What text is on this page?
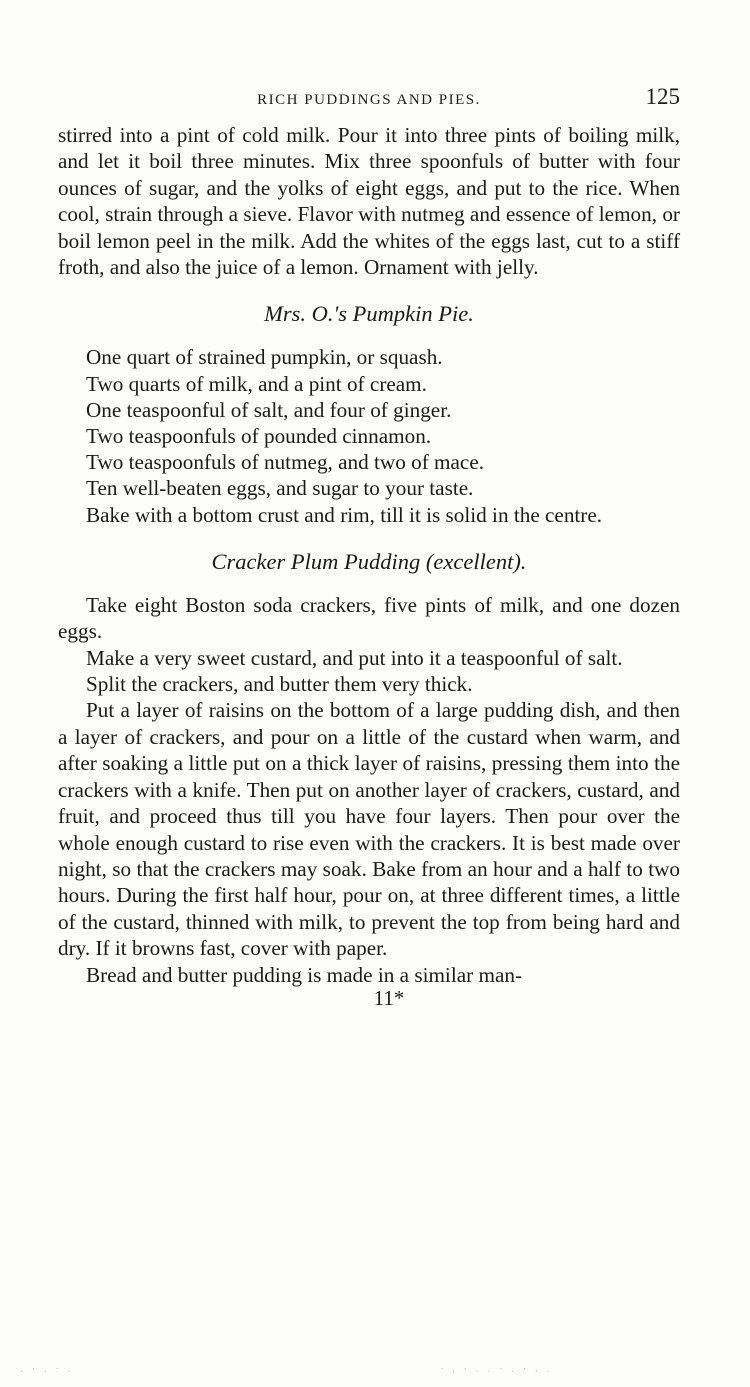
RICH PUDDINGS AND PIES.	125

stirred into a pint of cold milk. Pour it into three pints of boiling milk, and let it boil three minutes. Mix three spoonfuls of butter with four ounces of sugar, and the yolks of eight eggs, and put to the rice. When cool, strain through a sieve. Flavor with nutmeg and essence of lemon, or boil lemon peel in the milk. Add the whites of the eggs last, cut to a stiff froth, and also the juice of a lemon. Ornament with jelly.

Mrs. O.'s Pumpkin Pie.
One quart of strained pumpkin, or squash.
Two quarts of milk, and a pint of cream.
One teaspoonful of salt, and four of ginger.
Two teaspoonfuls of pounded cinnamon.
Two teaspoonfuls of nutmeg, and two of mace.
Ten well-beaten eggs, and sugar to your taste.
Bake with a bottom crust and rim, till it is solid in the centre.
Cracker Plum Pudding (excellent).

Take eight Boston soda crackers, five pints of milk, and one dozen eggs.

Make a very sweet custard, and put into it a teaspoonful of salt.

Split the crackers, and butter them very thick.

Put a layer of raisins on the bottom of a large pudding dish, and then a layer of crackers, and pour on a little of the custard when warm, and after soaking a little put on a thick layer of raisins, pressing them into the crackers with a knife. Then put on another layer of crackers, custard, and fruit, and proceed thus till you have four layers. Then pour over the whole enough custard to rise even with the crackers. It is best made over night, so that the crackers may soak. Bake from an hour and a half to two hours. During the first half hour, pour on, at three different times, a little of the custard, thinned with milk, to prevent the top from being hard and dry. If it browns fast, cover with paper.

Bread and butter pudding is made in a similar man-

11*
· ˙ · ˙ ·	˙ · ˙ · · ˙ · ˙ · ·
